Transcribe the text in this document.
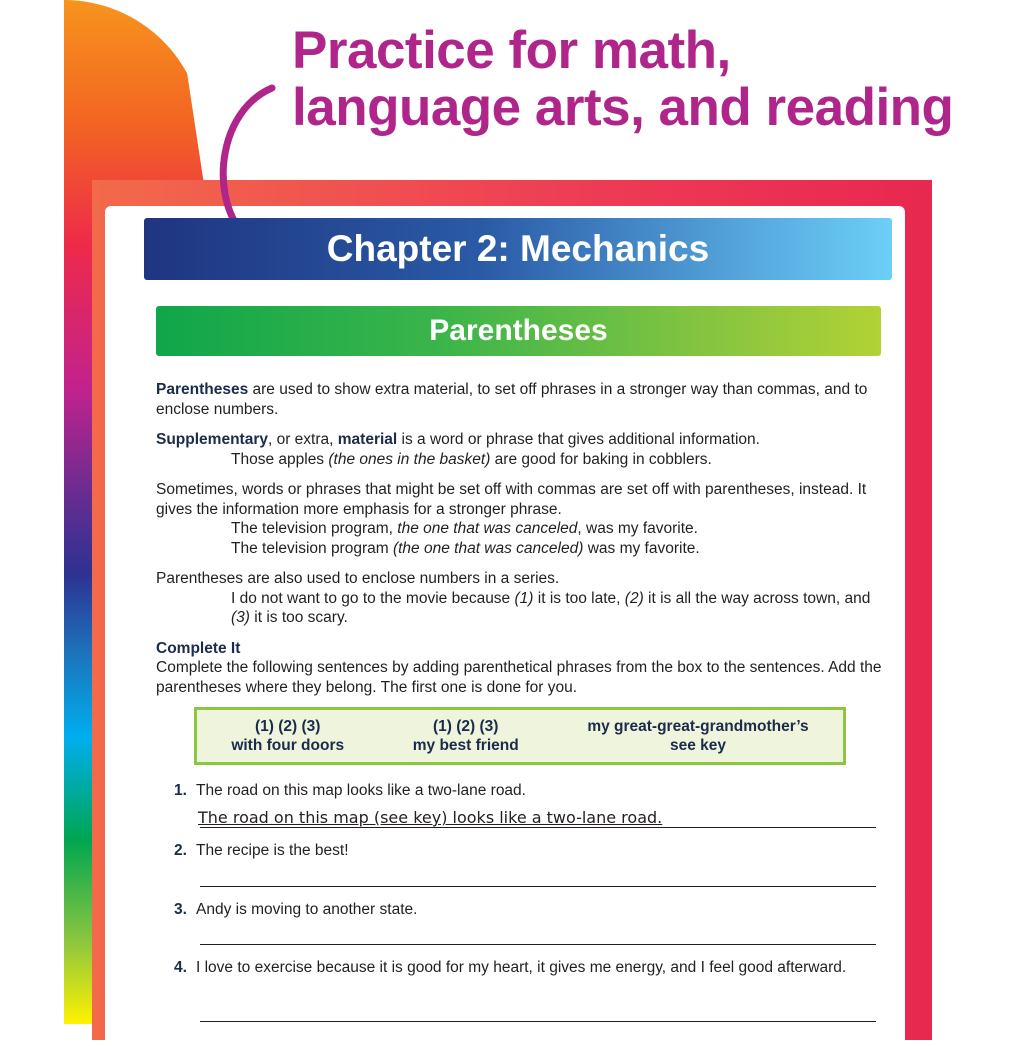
Practice for math,
language arts, and reading
Chapter 2: Mechanics
Parentheses

Parentheses are used to show extra material, to set off phrases in a stronger way than commas, and to enclose numbers.

Supplementary, or extra, material is a word or phrase that gives additional information.
Those apples (the ones in the basket) are good for baking in cobblers.

Sometimes, words or phrases that might be set off with commas are set off with parentheses, instead. It gives the information more emphasis for a stronger phrase.
The television program, the one that was canceled, was my favorite.
The television program (the one that was canceled) was my favorite.

Parentheses are also used to enclose numbers in a series.
I do not want to go to the movie because (1) it is too late, (2) it is all the way across town, and (3) it is too scary.

Complete It
Complete the following sentences by adding parenthetical phrases from the box to the sentences. Add the parentheses where they belong. The first one is done for you.
(1) (2) (3)
with four doors
(1) (2) (3)
my best friend
my great-great-grandmother’s
see key
1. The road on this map looks like a two-lane road.
The road on this map (see key) looks like a two-lane road.
2. The recipe is the best!
3. Andy is moving to another state.
4. I love to exercise because it is good for my heart, it gives me energy, and I feel good afterward.
